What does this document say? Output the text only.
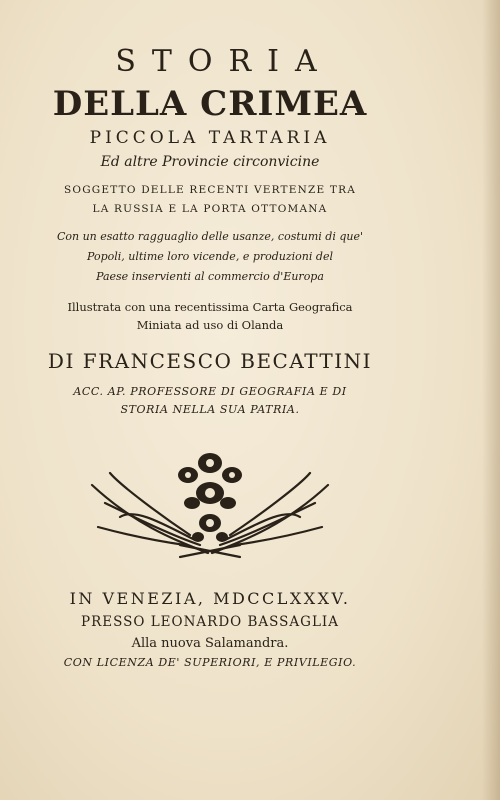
STORIA
DELLA CRIMEA
PICCOLA TARTARIA
Ed altre Provincie circonvicine
SOGGETTO DELLE RECENTI VERTENZE TRA
LA RUSSIA E LA PORTA OTTOMANA
Con un esatto ragguaglio delle usanze, costumi di que'
Popoli, ultime loro vicende, e produzioni del
Paese inservienti al commercio d'Europa
Illustrata con una recentissima Carta Geografica
Miniata ad uso di Olanda
DI FRANCESCO BECATTINI
ACC. AP. PROFESSORE DI GEOGRAFIA E DI
STORIA NELLA SUA PATRIA.
IN VENEZIA, MDCCLXXXV.
PRESSO LEONARDO BASSAGLIA
Alla nuova Salamandra.
CON LICENZA DE' SUPERIORI, E PRIVILEGIO.
